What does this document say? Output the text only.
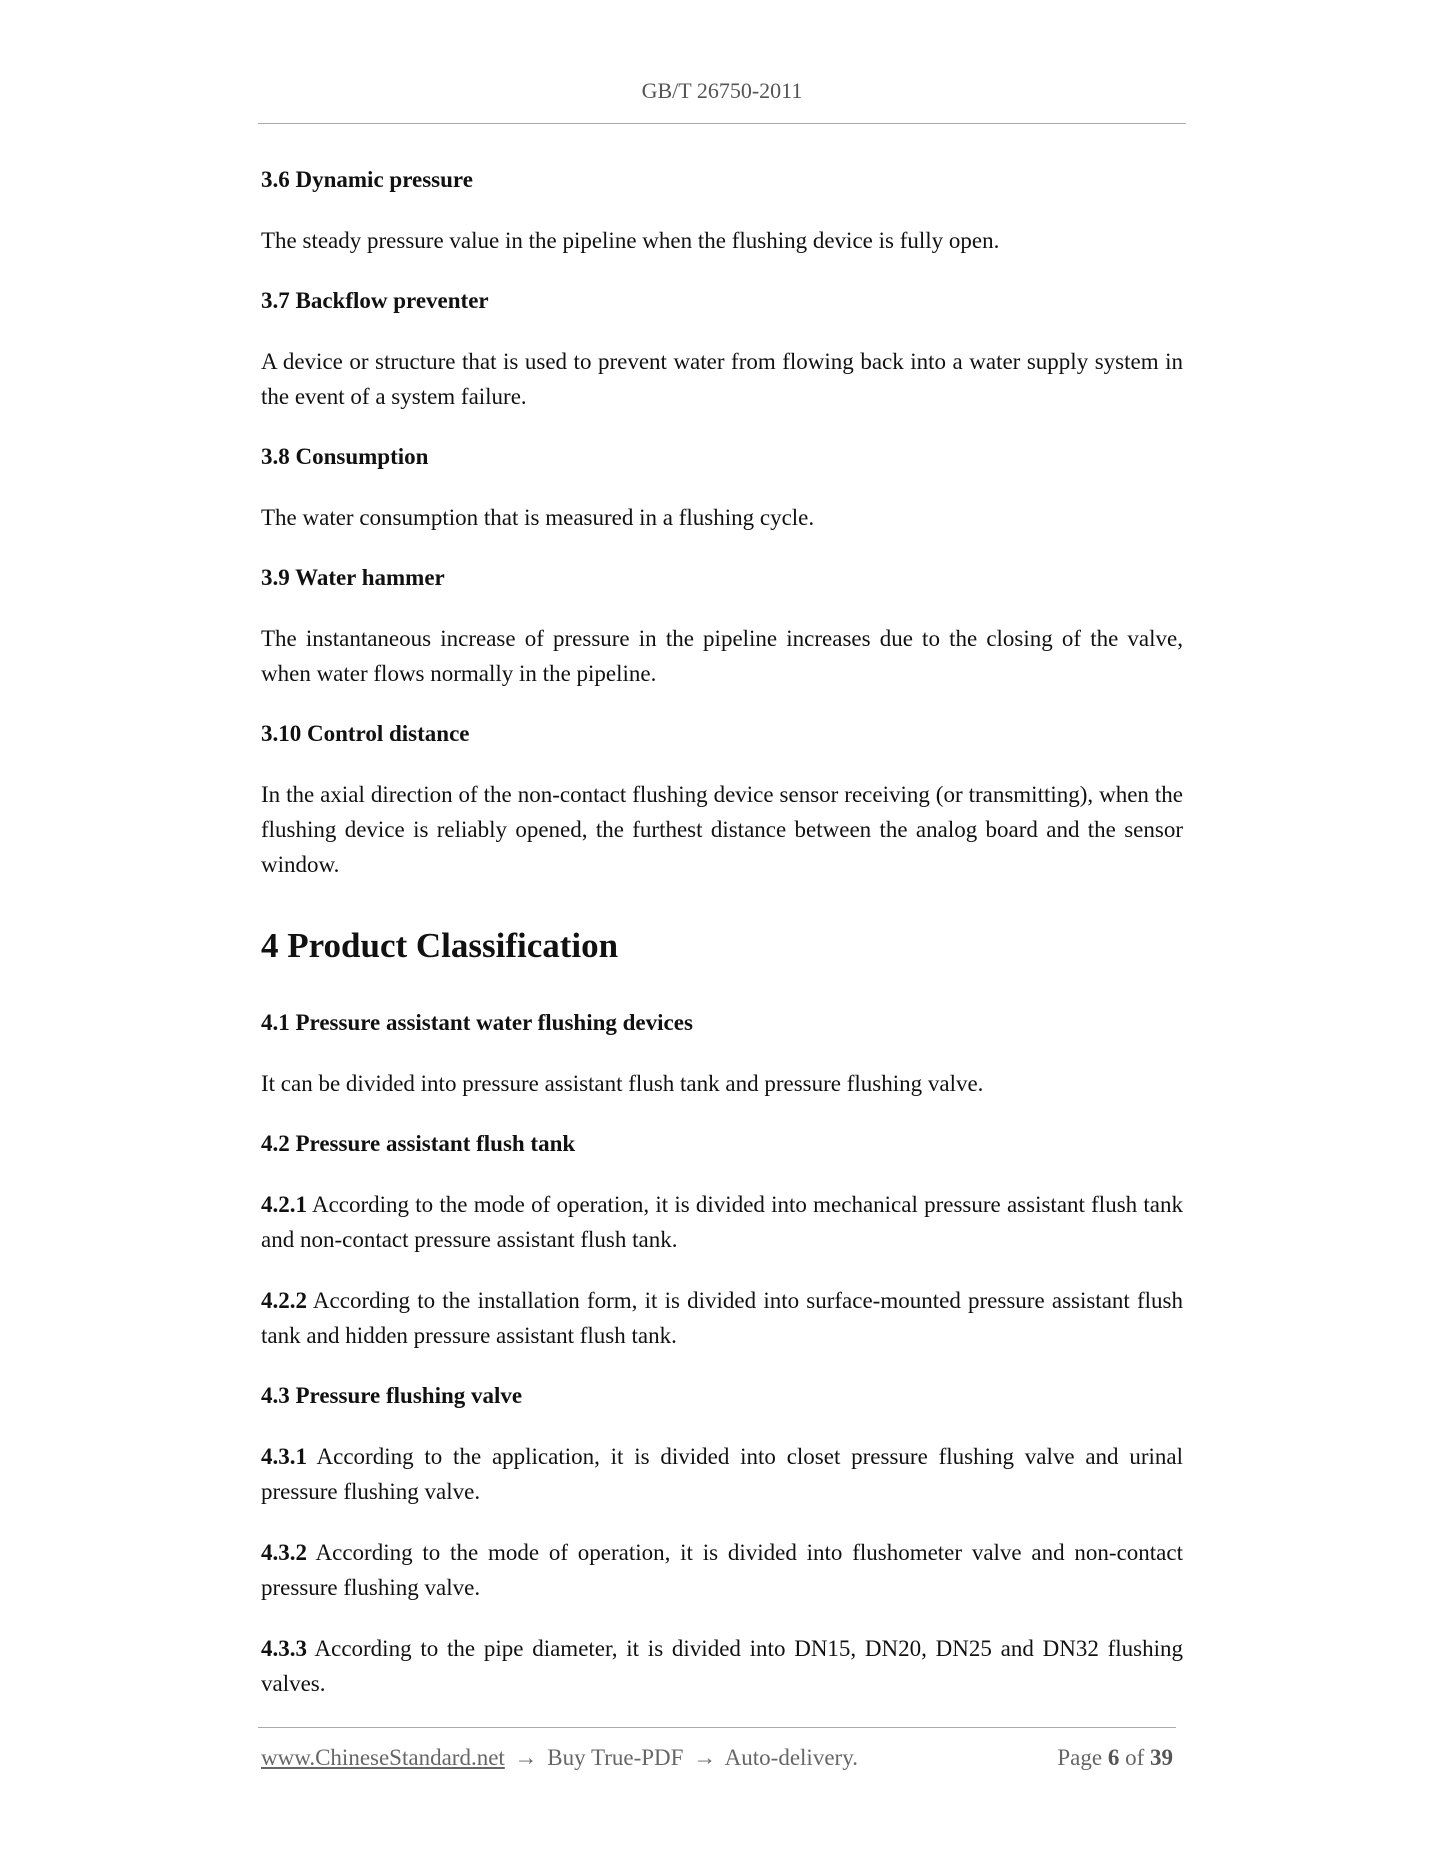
GB/T 26750-2011
3.6 Dynamic pressure
The steady pressure value in the pipeline when the flushing device is fully open.
3.7 Backflow preventer
A device or structure that is used to prevent water from flowing back into a water supply system in the event of a system failure.
3.8 Consumption
The water consumption that is measured in a flushing cycle.
3.9 Water hammer
The instantaneous increase of pressure in the pipeline increases due to the closing of the valve, when water flows normally in the pipeline.
3.10 Control distance
In the axial direction of the non-contact flushing device sensor receiving (or transmitting), when the flushing device is reliably opened, the furthest distance between the analog board and the sensor window.
4 Product Classification
4.1 Pressure assistant water flushing devices
It can be divided into pressure assistant flush tank and pressure flushing valve.
4.2 Pressure assistant flush tank
4.2.1 According to the mode of operation, it is divided into mechanical pressure assistant flush tank and non-contact pressure assistant flush tank.
4.2.2 According to the installation form, it is divided into surface-mounted pressure assistant flush tank and hidden pressure assistant flush tank.
4.3 Pressure flushing valve
4.3.1 According to the application, it is divided into closet pressure flushing valve and urinal pressure flushing valve.
4.3.2 According to the mode of operation, it is divided into flushometer valve and non-contact pressure flushing valve.
4.3.3 According to the pipe diameter, it is divided into DN15, DN20, DN25 and DN32 flushing valves.
www.ChineseStandard.net → Buy True-PDF → Auto-delivery.	Page 6 of 39
